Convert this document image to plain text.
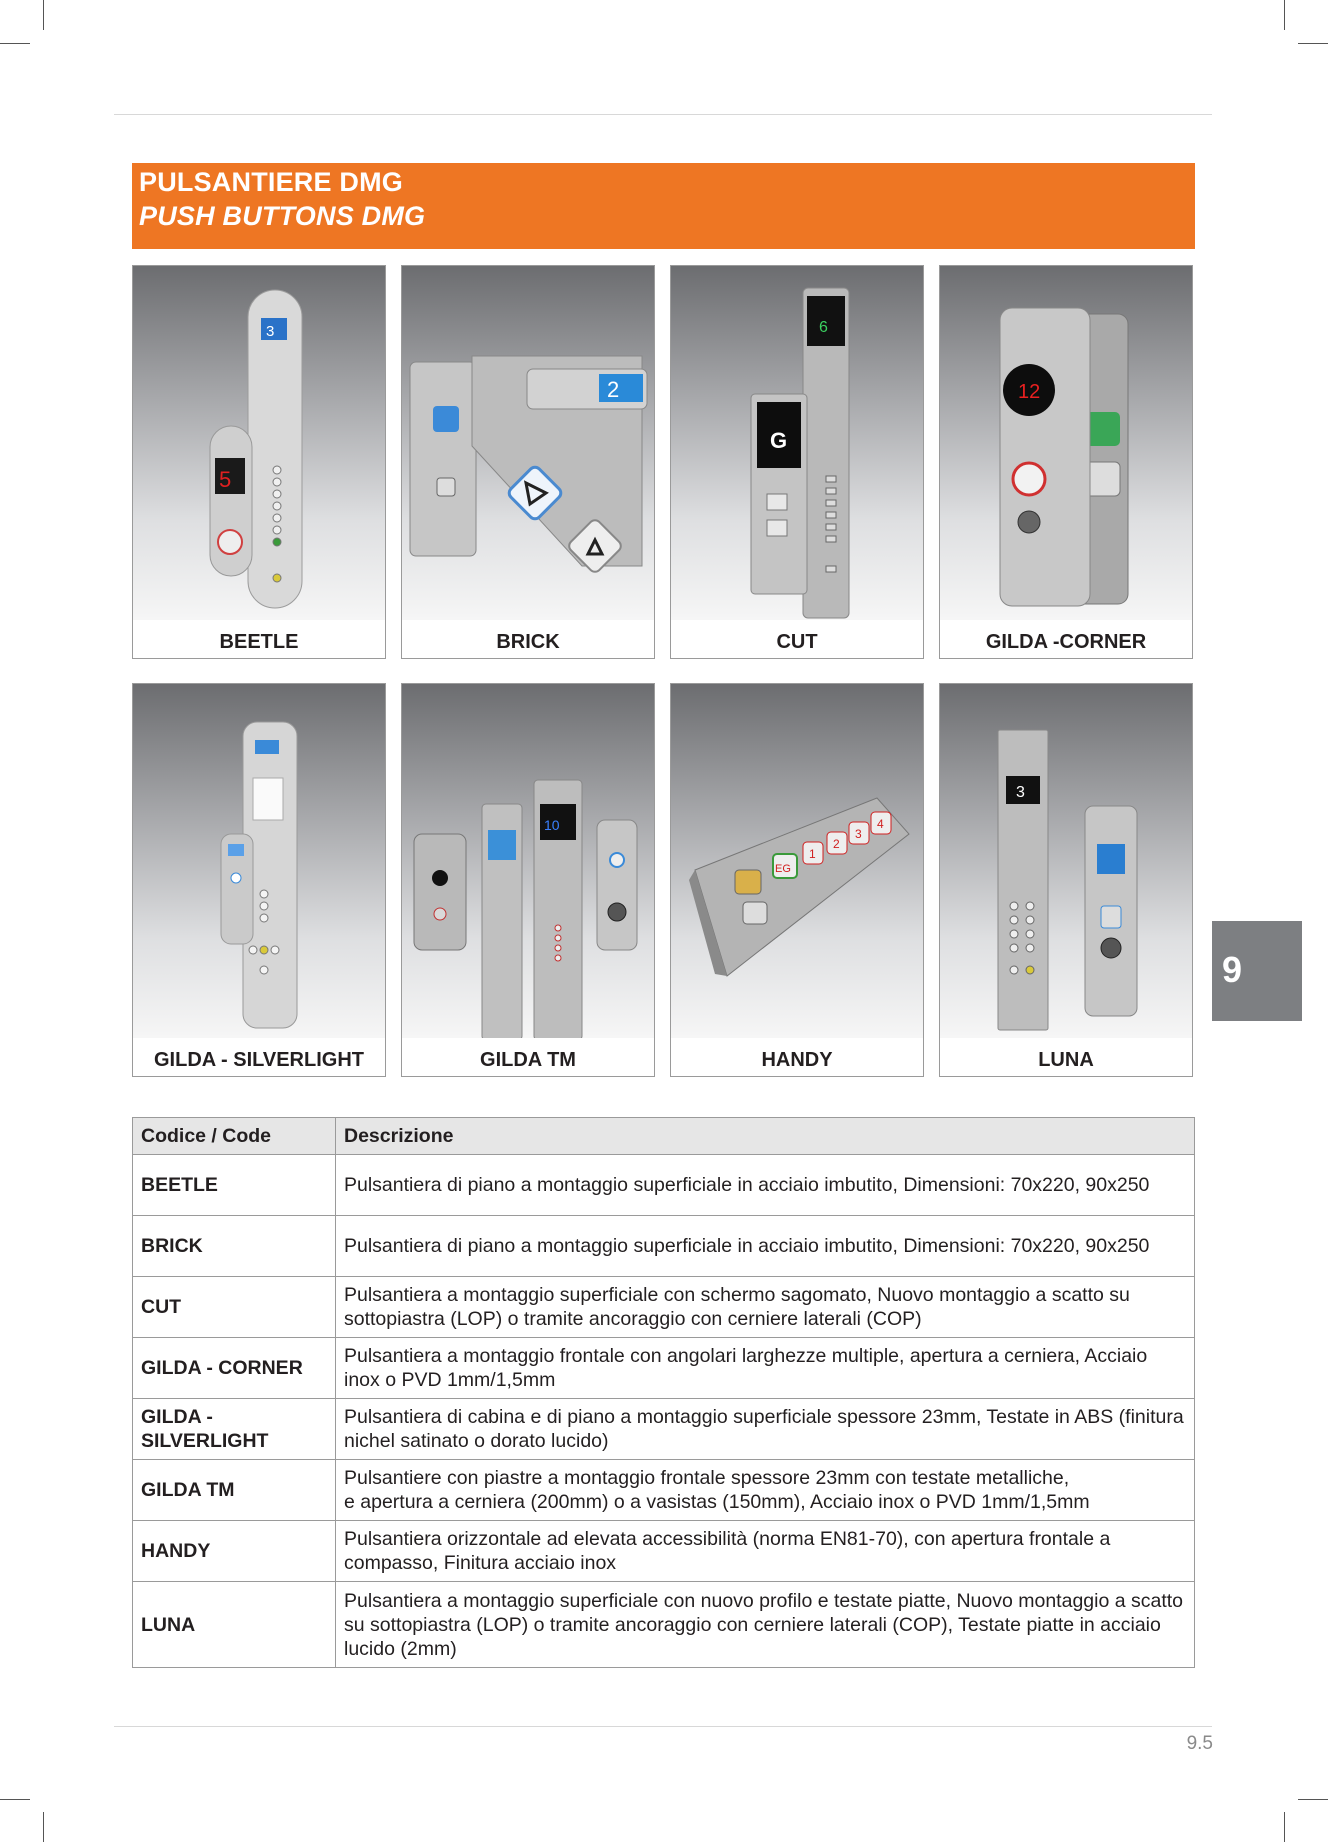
PULSANTIERE DMG
PUSH BUTTONS DMG
3
5
BEETLE
2
BRICK
6
G
CUT
12
GILDA -CORNER
GILDA - SILVERLIGHT
10
GILDA TM
EG
1
2
3
4
HANDY
3
LUNA
9
Codice / Code	Descrizione
BEETLE	Pulsantiera di piano a montaggio superficiale in acciaio imbutito, Dimensioni: 70x220, 90x250
BRICK	Pulsantiera di piano a montaggio superficiale in acciaio imbutito, Dimensioni: 70x220, 90x250
CUT	Pulsantiera a montaggio superficiale con schermo sagomato, Nuovo montaggio a scatto su sottopiastra (LOP) o tramite ancoraggio con cerniere laterali (COP)
GILDA - CORNER	Pulsantiera a montaggio frontale con angolari larghezze multiple, apertura a cerniera, Acciaio inox o PVD 1mm/1,5mm
GILDA - SILVERLIGHT	Pulsantiera di cabina e di piano a montaggio superficiale spessore 23mm, Testate in ABS (finitura nichel satinato o dorato lucido)
GILDA TM	Pulsantiere con piastre a montaggio frontale spessore 23mm con testate metalliche,
e apertura a cerniera (200mm) o a vasistas (150mm), Acciaio inox o PVD 1mm/1,5mm
HANDY	Pulsantiera orizzontale ad elevata accessibilità (norma EN81-70), con apertura frontale a compasso, Finitura acciaio inox
LUNA	Pulsantiera a montaggio superficiale con nuovo profilo e testate piatte, Nuovo montaggio a scatto su sottopiastra (LOP) o tramite ancoraggio con cerniere laterali (COP), Testate piatte in acciaio lucido (2mm)
9.5
